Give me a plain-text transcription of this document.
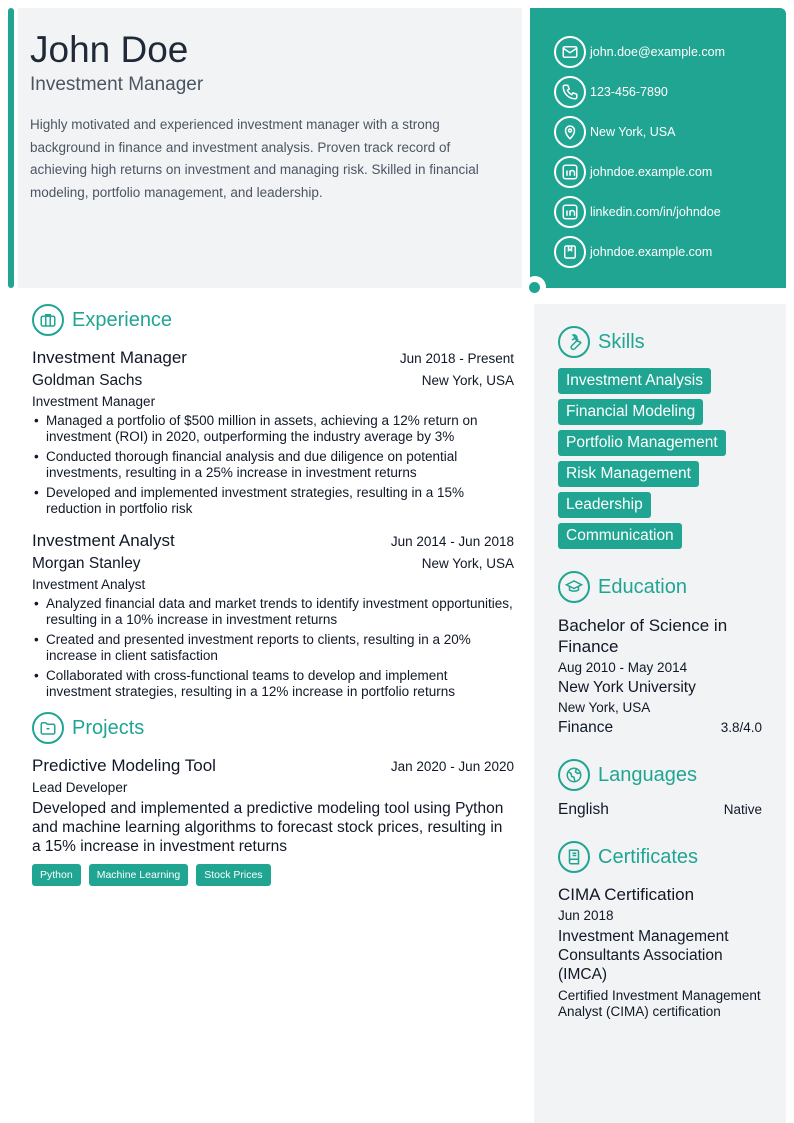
John Doe
Investment Manager

Highly motivated and experienced investment manager with a strong background in finance and investment analysis. Proven track record of achieving high returns on investment and managing risk. Skilled in financial modeling, portfolio management, and leadership.

john.doe@example.com
123-456-7890
New York, USA
johndoe.example.com
linkedin.com/in/johndoe
johndoe.example.com
Experience
Investment Manager	Jun 2018 - Present
Goldman Sachs	New York, USA
Investment Manager
• Managed a portfolio of $500 million in assets, achieving a 12% return on investment (ROI) in 2020, outperforming the industry average by 3%
• Conducted thorough financial analysis and due diligence on potential investments, resulting in a 25% increase in investment returns
• Developed and implemented investment strategies, resulting in a 15% reduction in portfolio risk
Investment Analyst	Jun 2014 - Jun 2018
Morgan Stanley	New York, USA
Investment Analyst
• Analyzed financial data and market trends to identify investment opportunities, resulting in a 10% increase in investment returns
• Created and presented investment reports to clients, resulting in a 20% increase in client satisfaction
• Collaborated with cross-functional teams to develop and implement investment strategies, resulting in a 12% increase in portfolio returns
Projects
Predictive Modeling Tool	Jan 2020 - Jun 2020
Lead Developer

Developed and implemented a predictive modeling tool using Python and machine learning algorithms to forecast stock prices, resulting in a 15% increase in investment returns

Python	Machine Learning	Stock Prices
Skills
Investment Analysis
Financial Modeling
Portfolio Management
Risk Management
Leadership
Communication
Education
Bachelor of Science in Finance
Aug 2010 - May 2014
New York University
New York, USA
Finance	3.8/4.0
Languages
English	Native
Certificates
CIMA Certification
Jun 2018
Investment Management Consultants Association (IMCA)
Certified Investment Management Analyst (CIMA) certification
